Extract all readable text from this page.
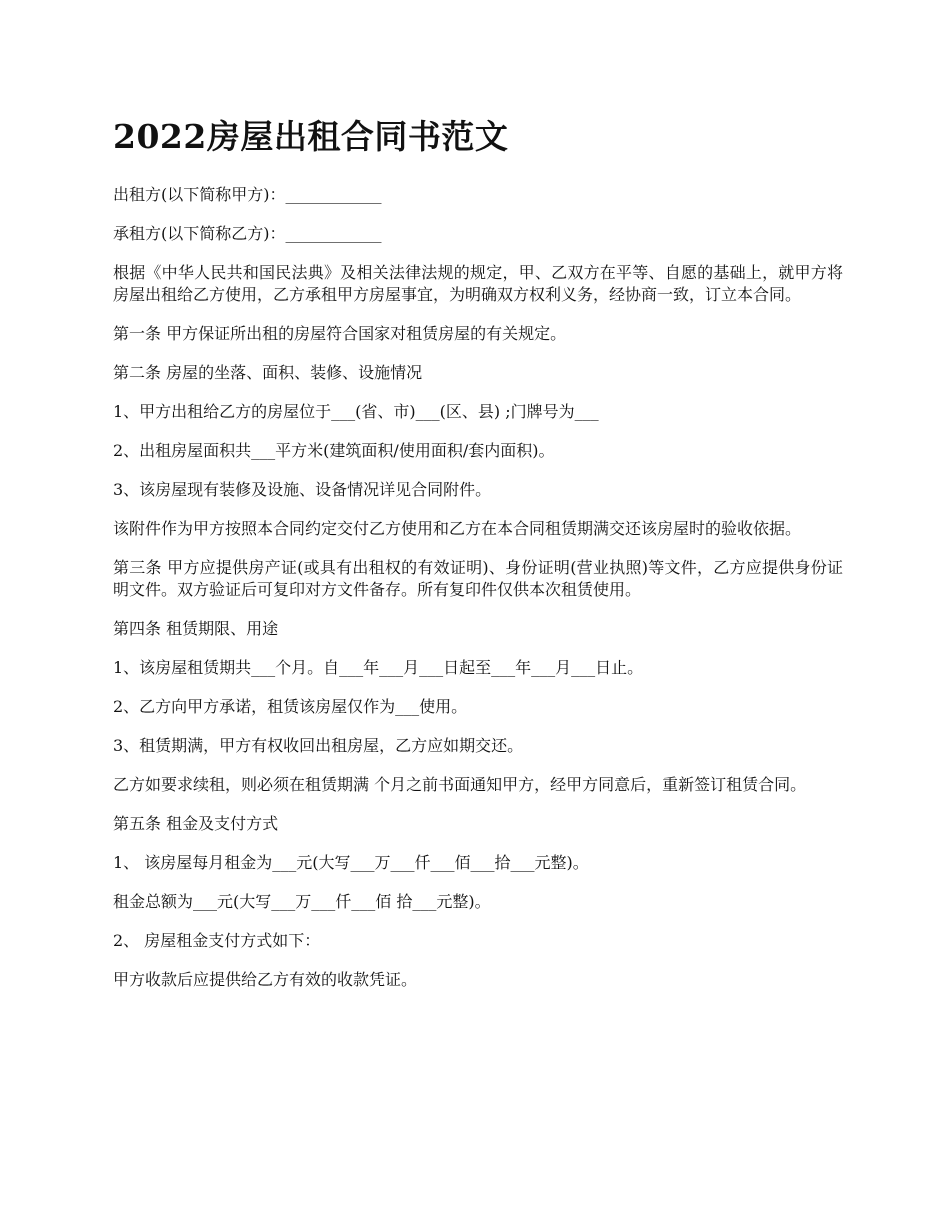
2022房屋出租合同书范文

出租方(以下简称甲方)：____________

承租方(以下简称乙方)：____________

根据《中华人民共和国民法典》及相关法律法规的规定，甲、乙双方在平等、自愿的基础上，就甲方将房屋出租给乙方使用，乙方承租甲方房屋事宜，为明确双方权利义务，经协商一致，订立本合同。

第一条 甲方保证所出租的房屋符合国家对租赁房屋的有关规定。

第二条 房屋的坐落、面积、装修、设施情况

1、甲方出租给乙方的房屋位于___(省、市)___(区、县) ;门牌号为___

2、出租房屋面积共___平方米(建筑面积/使用面积/套内面积)。

3、该房屋现有装修及设施、设备情况详见合同附件。

该附件作为甲方按照本合同约定交付乙方使用和乙方在本合同租赁期满交还该房屋时的验收依据。

第三条 甲方应提供房产证(或具有出租权的有效证明)、身份证明(营业执照)等文件，乙方应提供身份证明文件。双方验证后可复印对方文件备存。所有复印件仅供本次租赁使用。

第四条 租赁期限、用途

1、该房屋租赁期共___个月。自___年___月___日起至___年___月___日止。

2、乙方向甲方承诺，租赁该房屋仅作为___使用。

3、租赁期满，甲方有权收回出租房屋，乙方应如期交还。

乙方如要求续租，则必须在租赁期满 个月之前书面通知甲方，经甲方同意后，重新签订租赁合同。

第五条 租金及支付方式

1、 该房屋每月租金为___元(大写___万___仟___佰___拾___元整)。

租金总额为___元(大写___万___仟___佰 拾___元整)。

2、 房屋租金支付方式如下：

甲方收款后应提供给乙方有效的收款凭证。
